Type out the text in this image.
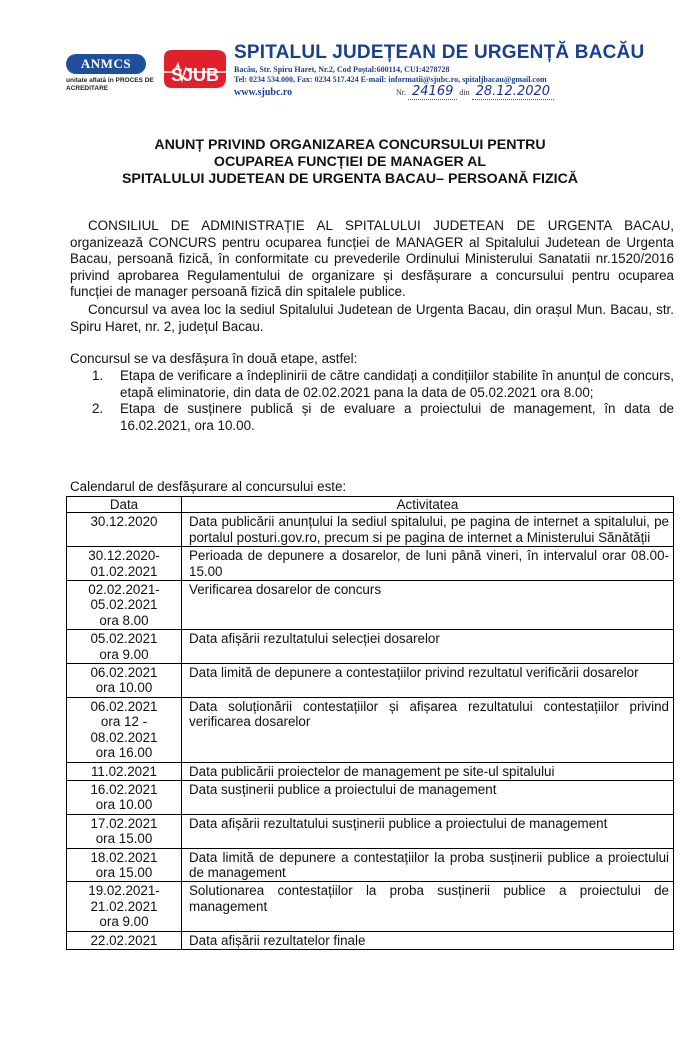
ANMCS
unitate aflată în PROCES DE ACREDITARE
SJUB
SPITALUL JUDEȚEAN DE URGENȚĂ BACĂU
Bacău, Str. Spiru Haret, Nr.2, Cod Poștal:600114, CUI:4278728
Tel: 0234 534.000, Fax: 0234 517.424 E-mail: informatii@sjubc.ro, spitaljbacau@gmail.com
www.sjubc.ro	Nr. 24169 din 28.12.2020
ANUNȚ PRIVIND ORGANIZAREA CONCURSULUI PENTRU
OCUPAREA FUNCȚIEI DE MANAGER AL
SPITALULUI JUDETEAN DE URGENTA BACAU– PERSOANĂ FIZICĂ
CONSILIUL DE ADMINISTRAȚIE AL SPITALULUI JUDETEAN DE URGENTA BACAU, organizează CONCURS pentru ocuparea funcției de MANAGER al Spitalului Judetean de Urgenta Bacau, persoană fizică, în conformitate cu prevederile Ordinului Ministerului Sanatatii nr.1520/2016 privind aprobarea Regulamentului de organizare și desfășurare a concursului pentru ocuparea funcției de manager persoană fizică din spitalele publice.
Concursul va avea loc la sediul Spitalului Judetean de Urgenta Bacau, din orașul Mun. Bacau, str. Spiru Haret, nr. 2, județul Bacau.
Concursul se va desfășura în două etape, astfel:
1. Etapa de verificare a îndeplinirii de către candidați a condițiilor stabilite în anunțul de concurs, etapă eliminatorie, din data de 02.02.2021 pana la data de 05.02.2021 ora 8.00;
2. Etapa de susținere publică și de evaluare a proiectului de management, în data de 16.02.2021, ora 10.00.
Calendarul de desfășurare al concursului este:
Data	Activitatea

30.12.2020	Data publicării anunțului la sediul spitalului, pe pagina de internet a spitalului, pe portalul posturi.gov.ro, precum si pe pagina de internet a Ministerului Sănătății

30.12.2020-
01.02.2021	Perioada de depunere a dosarelor, de luni până vineri, în intervalul orar 08.00-15.00

02.02.2021-
05.02.2021
ora 8.00	Verificarea dosarelor de concurs

05.02.2021
ora 9.00	Data afișării rezultatului selecției dosarelor

06.02.2021
ora 10.00	Data limită de depunere a contestațiilor privind rezultatul verificării dosarelor

06.02.2021
ora 12 -
08.02.2021
ora 16.00	Data soluționării contestațiilor și afișarea rezultatului contestațiilor privind verificarea dosarelor

11.02.2021	Data publicării proiectelor de management pe site-ul spitalului

16.02.2021
ora 10.00	Data susținerii publice a proiectului de management

17.02.2021
ora 15.00	Data afișării rezultatului susținerii publice a proiectului de management

18.02.2021
ora 15.00	Data limită de depunere a contestațiilor la proba susținerii publice a proiectului de management

19.02.2021-
21.02.2021
ora 9.00	Solutionarea contestațiilor la proba susținerii publice a proiectului de management

22.02.2021	Data afișării rezultatelor finale
